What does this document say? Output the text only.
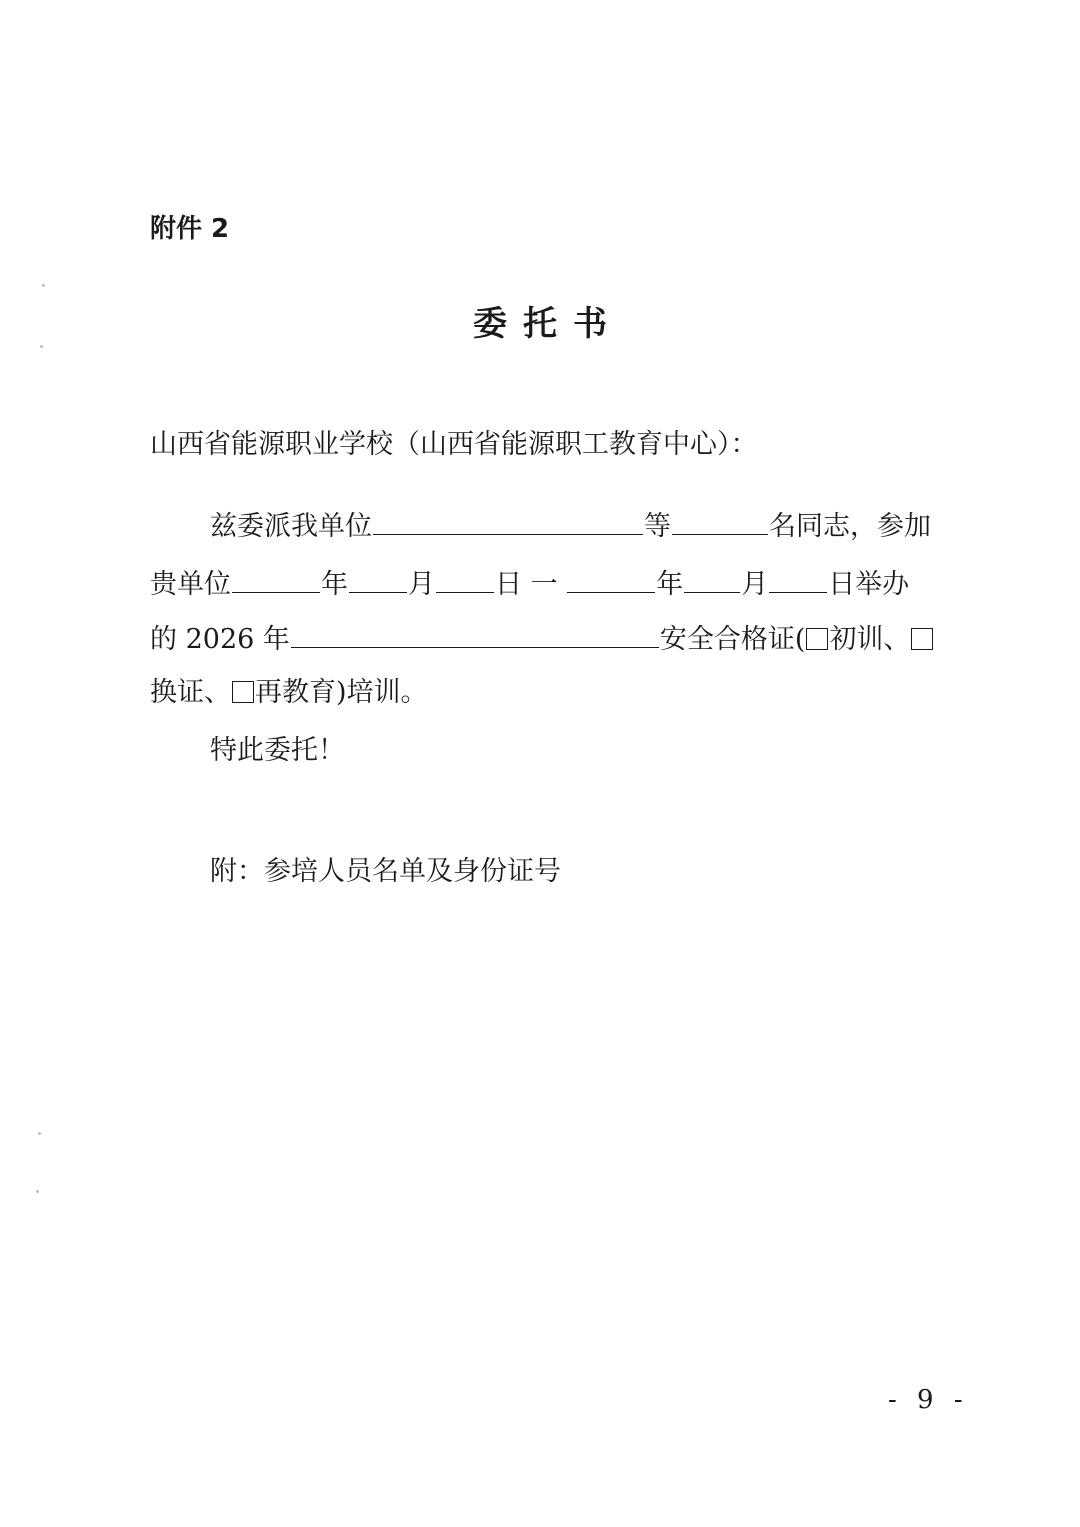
附件 2
委托书
山西省能源职业学校（山西省能源职工教育中心）：
兹委派我单位	等	名同志，参加
贵单位	年 月 日 一	年 月 日举办
的 2026 年	安全合格证( 初训、
换证、 再教育)培训。
特此委托！
附：参培人员名单及身份证号
- 9 -
